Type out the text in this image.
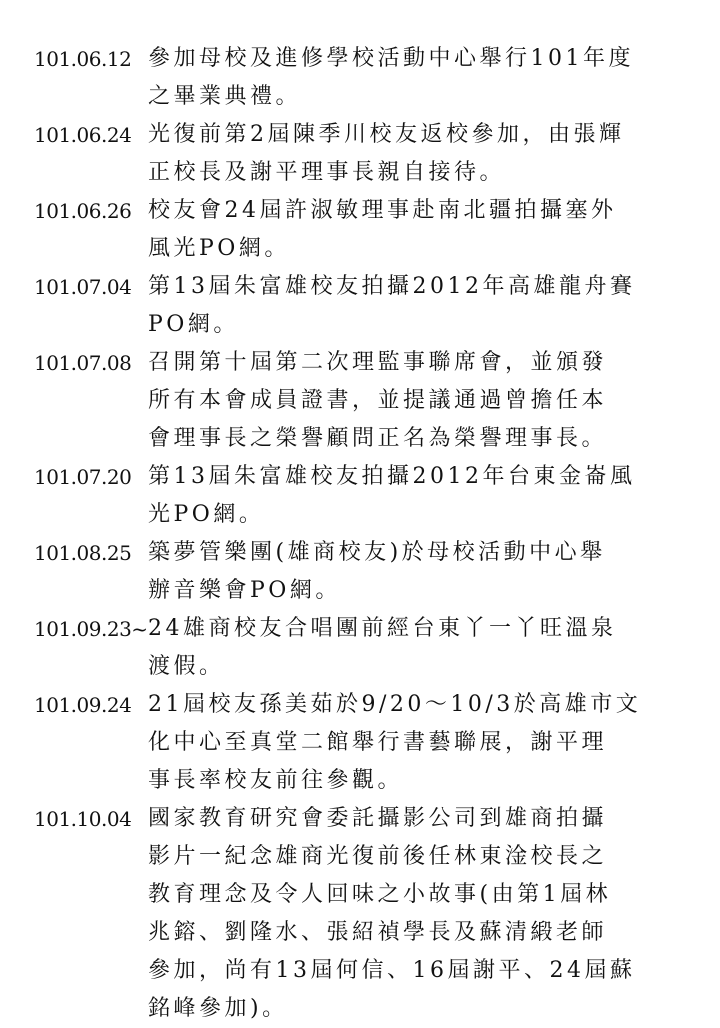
101.06.12 參加母校及進修學校活動中心舉行101年度
之畢業典禮。
101.06.24 光復前第2屆陳季川校友返校參加，由張輝
正校長及謝平理事長親自接待。
101.06.26 校友會24屆許淑敏理事赴南北疆拍攝塞外
風光PO網。
101.07.04 第13屆朱富雄校友拍攝2012年高雄龍舟賽
PO網。
101.07.08 召開第十屆第二次理監事聯席會，並頒發
所有本會成員證書，並提議通過曾擔任本
會理事長之榮譽顧問正名為榮譽理事長。
101.07.20 第13屆朱富雄校友拍攝2012年台東金崙風
光PO網。
101.08.25 築夢管樂團(雄商校友)於母校活動中心舉
辦音樂會PO網。
101.09.23~ 24雄商校友合唱團前經台東丫一丫旺溫泉
渡假。
101.09.24 21屆校友孫美茹於9/20～10/3於高雄市文
化中心至真堂二館舉行書藝聯展，謝平理
事長率校友前往參觀。
101.10.04 國家教育研究會委託攝影公司到雄商拍攝
影片一紀念雄商光復前後任林東淦校長之
教育理念及令人回味之小故事(由第1屆林
兆鎔、劉隆水、張紹禎學長及蘇清緞老師
參加，尚有13屆何信、16屆謝平、24屆蘇
銘峰參加)。
